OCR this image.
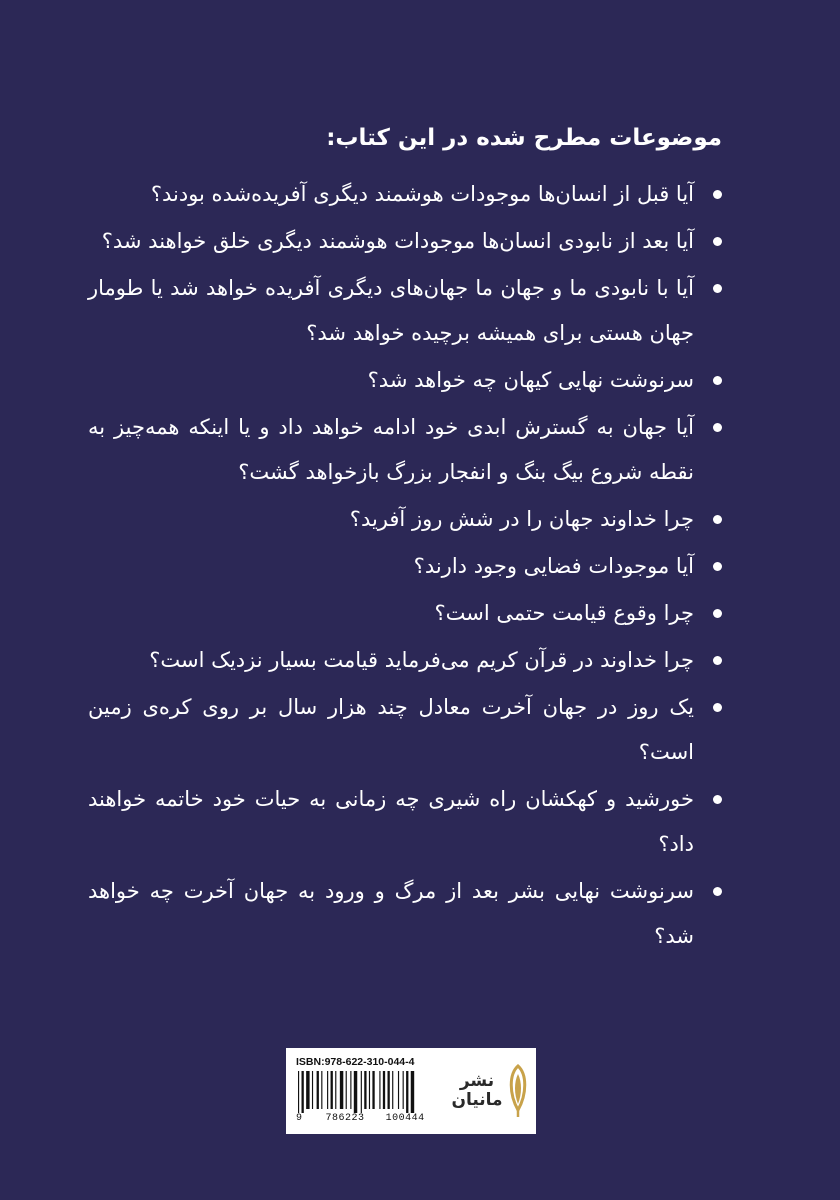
موضوعات مطرح شده در این کتاب:
آیا قبل از انسان‌ها موجودات هوشمند دیگری آفریده‌شده بودند؟
آیا بعد از نابودی انسان‌ها موجودات هوشمند دیگری خلق خواهند شد؟
آیا با نابودی ما و جهان ما جهان‌های دیگری آفریده خواهد شد یا طومار جهان هستی برای همیشه برچیده خواهد شد؟
سرنوشت نهایی کیهان چه خواهد شد؟
آیا جهان به گسترش ابدی خود ادامه خواهد داد و یا اینکه همه‌چیز به نقطه شروع بیگ بنگ و انفجار بزرگ بازخواهد گشت؟
چرا خداوند جهان را در شش روز آفرید؟
آیا موجودات فضایی وجود دارند؟
چرا وقوع قیامت حتمی است؟
چرا خداوند در قرآن کریم می‌فرماید قیامت بسیار نزدیک است؟
یک روز در جهان آخرت معادل چند هزار سال بر روی کره‌ی زمین است؟
خورشید و کهکشان راه شیری چه زمانی به حیات خود خاتمه خواهند داد؟
سرنوشت نهایی بشر بعد از مرگ و ورود به جهان آخرت چه خواهد شد؟
ISBN:978-622-310-044-4
9 786223 100444
نشر
مانیان
